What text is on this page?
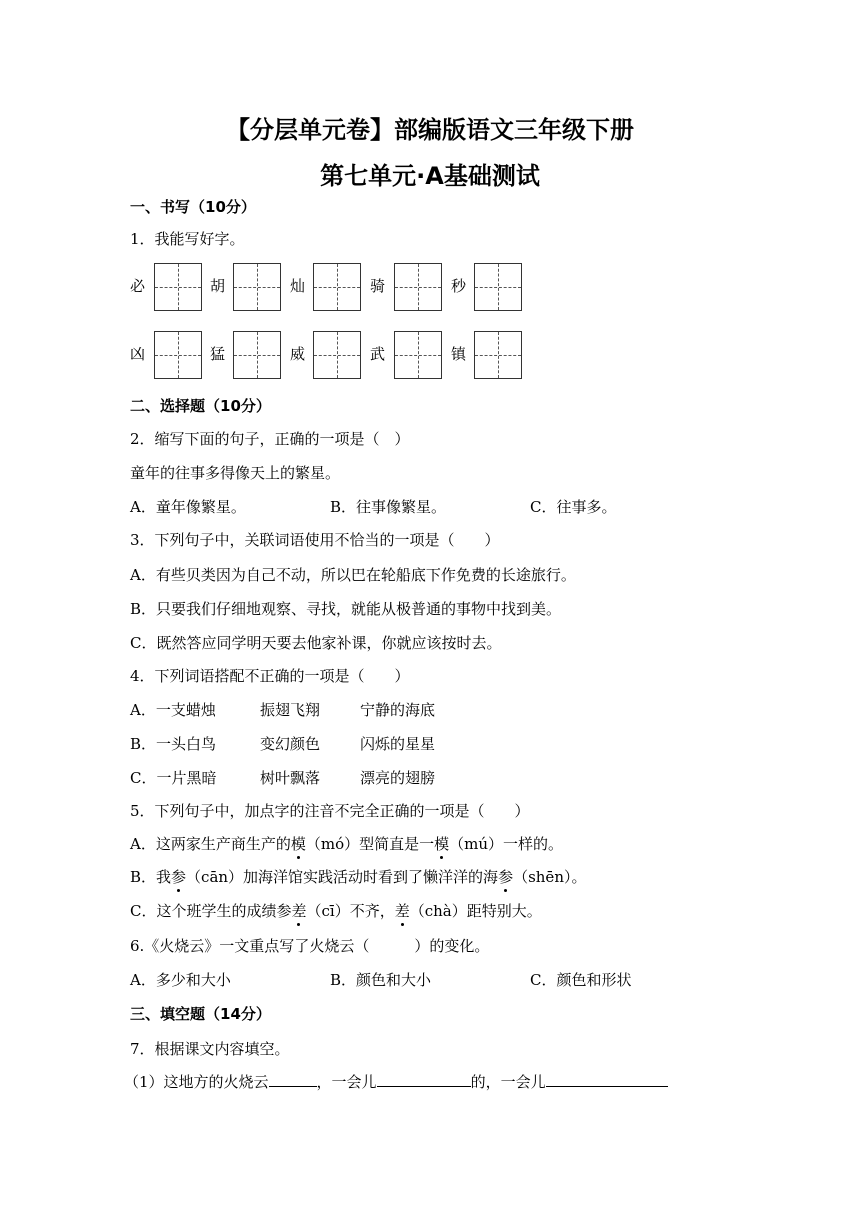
【分层单元卷】部编版语文三年级下册
第七单元·A基础测试
一、书写（10分）
1．我能写好字。
必	胡	灿	骑	秒
凶	猛	威	武	镇
二、选择题（10分）
2．缩写下面的句子，正确的一项是（　）
童年的往事多得像天上的繁星。
A．童年像繁星。	B．往事像繁星。	C．往事多。
3．下列句子中，关联词语使用不恰当的一项是（　　）
A．有些贝类因为自己不动，所以巴在轮船底下作免费的长途旅行。
B．只要我们仔细地观察、寻找，就能从极普通的事物中找到美。
C．既然答应同学明天要去他家补课，你就应该按时去。
4．下列词语搭配不正确的一项是（　　）
A．一支蜡烛	振翅飞翔	宁静的海底
B．一头白鸟	变幻颜色	闪烁的星星
C．一片黑暗	树叶飘落	漂亮的翅膀
5．下列句子中，加点字的注音不完全正确的一项是（　　）
A．这两家生产商生产的模（mó）型简直是一模（mú）一样的。
B．我参（cān）加海洋馆实践活动时看到了懒洋洋的海参（shēn）。
C．这个班学生的成绩参差（cī）不齐，差（chà）距特别大。
6.《火烧云》一文重点写了火烧云（　　　）的变化。
A．多少和大小	B．颜色和大小	C．颜色和形状
三、填空题（14分）
7．根据课文内容填空。
（1）这地方的火烧云	，一会儿	的，一会儿
